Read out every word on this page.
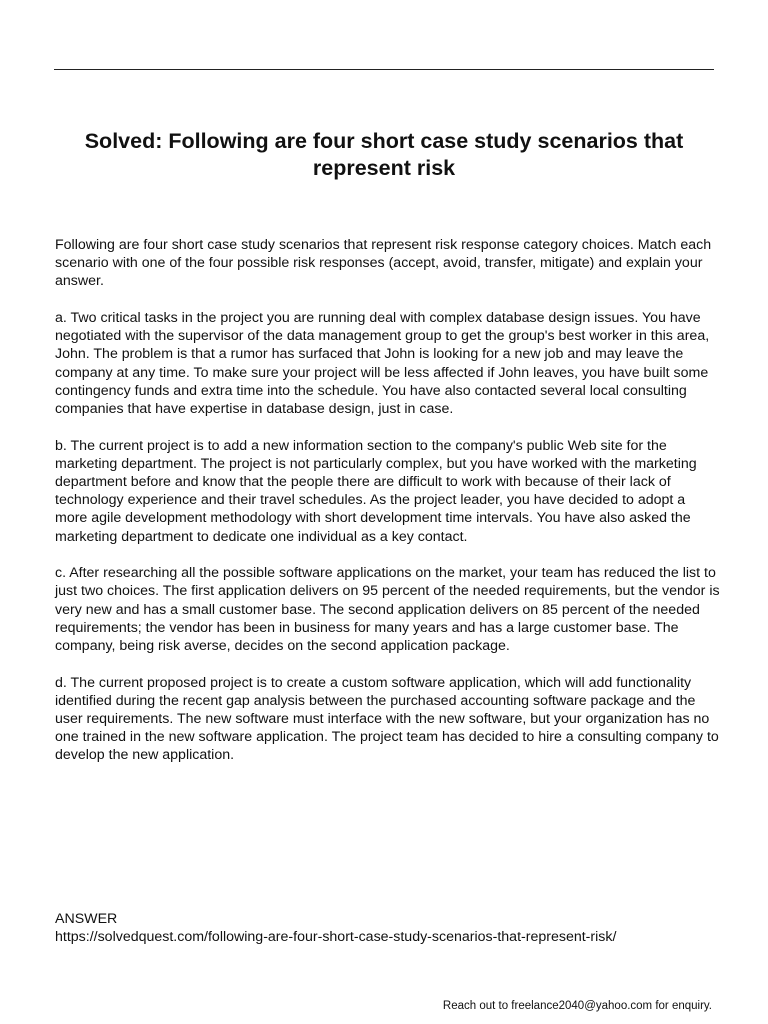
Solved: Following are four short case study scenarios that represent risk

Following are four short case study scenarios that represent risk response category choices. Match each scenario with one of the four possible risk responses (accept, avoid, transfer, mitigate) and explain your answer.

a. Two critical tasks in the project you are running deal with complex database design issues. You have negotiated with the supervisor of the data management group to get the group's best worker in this area, John. The problem is that a rumor has surfaced that John is looking for a new job and may leave the company at any time. To make sure your project will be less affected if John leaves, you have built some contingency funds and extra time into the schedule. You have also contacted several local consulting companies that have expertise in database design, just in case.

b. The current project is to add a new information section to the company's public Web site for the marketing department. The project is not particularly complex, but you have worked with the marketing department before and know that the people there are difficult to work with because of their lack of technology experience and their travel schedules. As the project leader, you have decided to adopt a more agile development methodology with short development time intervals. You have also asked the marketing department to dedicate one individual as a key contact.

c. After researching all the possible software applications on the market, your team has reduced the list to just two choices. The first application delivers on 95 percent of the needed requirements, but the vendor is very new and has a small customer base. The second application delivers on 85 percent of the needed requirements; the vendor has been in business for many years and has a large customer base. The company, being risk averse, decides on the second application package.

d. The current proposed project is to create a custom software application, which will add functionality identified during the recent gap analysis between the purchased accounting software package and the user requirements. The new software must interface with the new software, but your organization has no one trained in the new software application. The project team has decided to hire a consulting company to develop the new application.

ANSWER
https://solvedquest.com/following-are-four-short-case-study-scenarios-that-represent-risk/
Reach out to freelance2040@yahoo.com for enquiry.
